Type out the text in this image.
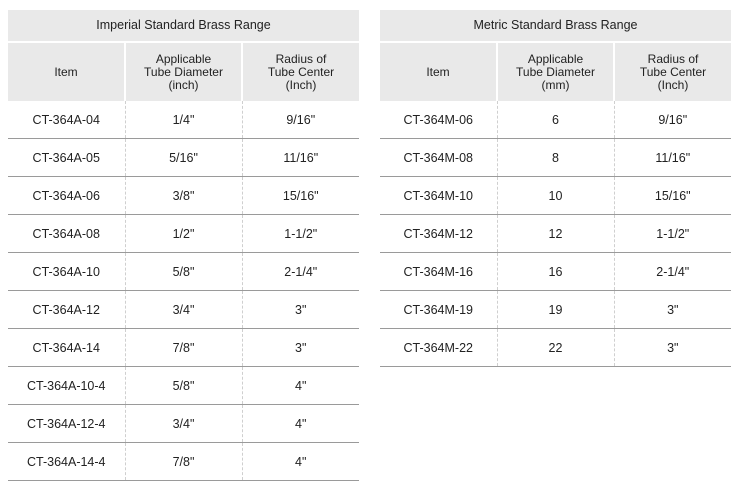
Imperial Standard Brass Range		
Item	Applicable
Tube Diameter
(inch)	Radius of
Tube Center
(Inch)
CT-364A-04	1/4"	9/16"
CT-364A-05	5/16"	11/16"
CT-364A-06	3/8"	15/16"
CT-364A-08	1/2"	1-1/2"
CT-364A-10	5/8"	2-1/4"
CT-364A-12	3/4"	3"
CT-364A-14	7/8"	3"
CT-364A-10-4	5/8"	4"
CT-364A-12-4	3/4"	4"
CT-364A-14-4	7/8"	4"
Metric Standard Brass Range		
Item	Applicable
Tube Diameter
(mm)	Radius of
Tube Center
(Inch)
CT-364M-06	6	9/16"
CT-364M-08	8	11/16"
CT-364M-10	10	15/16"
CT-364M-12	12	1-1/2"
CT-364M-16	16	2-1/4"
CT-364M-19	19	3"
CT-364M-22	22	3"
